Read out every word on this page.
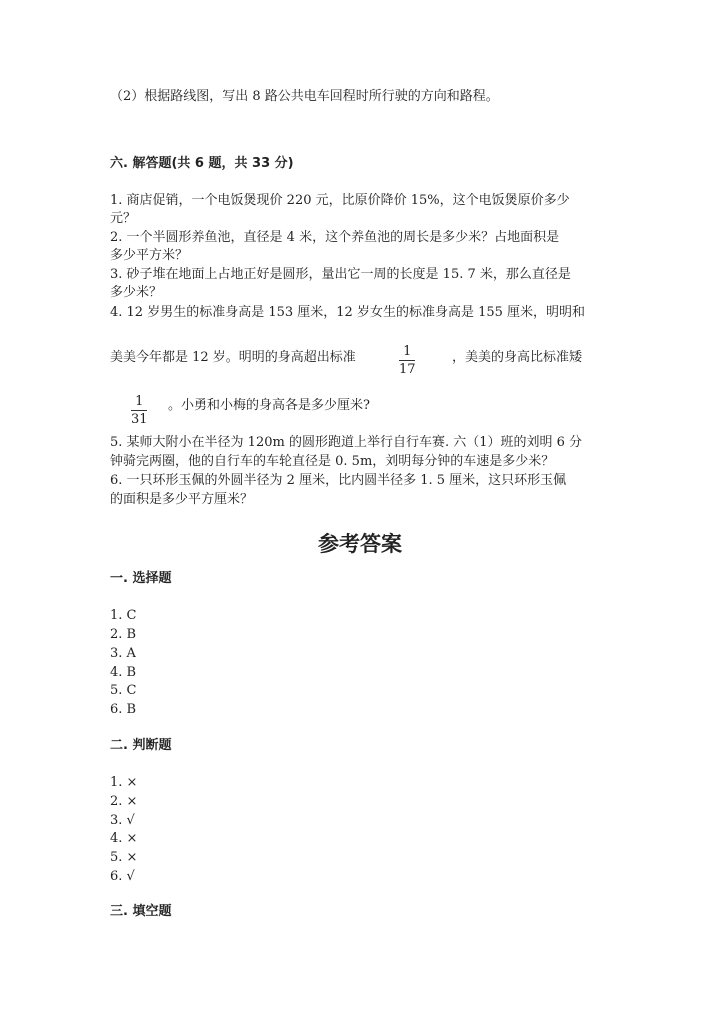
（2）根据路线图，写出 8 路公共电车回程时所行驶的方向和路程。
六. 解答题(共 6 题，共 33 分)
1. 商店促销，一个电饭煲现价 220 元，比原价降价 15%，这个电饭煲原价多少
元？
2. 一个半圆形养鱼池，直径是 4 米，这个养鱼池的周长是多少米？占地面积是
多少平方米？
3. 砂子堆在地面上占地正好是圆形，量出它一周的长度是 15. 7 米，那么直径是
多少米？
4. 12 岁男生的标准身高是 153 厘米，12 岁女生的标准身高是 155 厘米，明明和
美美今年都是 12 岁。明明的身高超出标准	1
17
，美美的身高比标准矮
1
31
。小勇和小梅的身高各是多少厘米?
5. 某师大附小在半径为 120m 的圆形跑道上举行自行车赛. 六（1）班的刘明 6 分
钟骑完两圈，他的自行车的车轮直径是 0. 5m，刘明每分钟的车速是多少米？
6. 一只环形玉佩的外圆半径为 2 厘米，比内圆半径多 1. 5 厘米，这只环形玉佩
的面积是多少平方厘米？
参考答案
一. 选择题
1. C
2. B
3. A
4. B
5. C
6. B
二. 判断题
1. ×
2. ×
3. √
4. ×
5. ×
6. √
三. 填空题
